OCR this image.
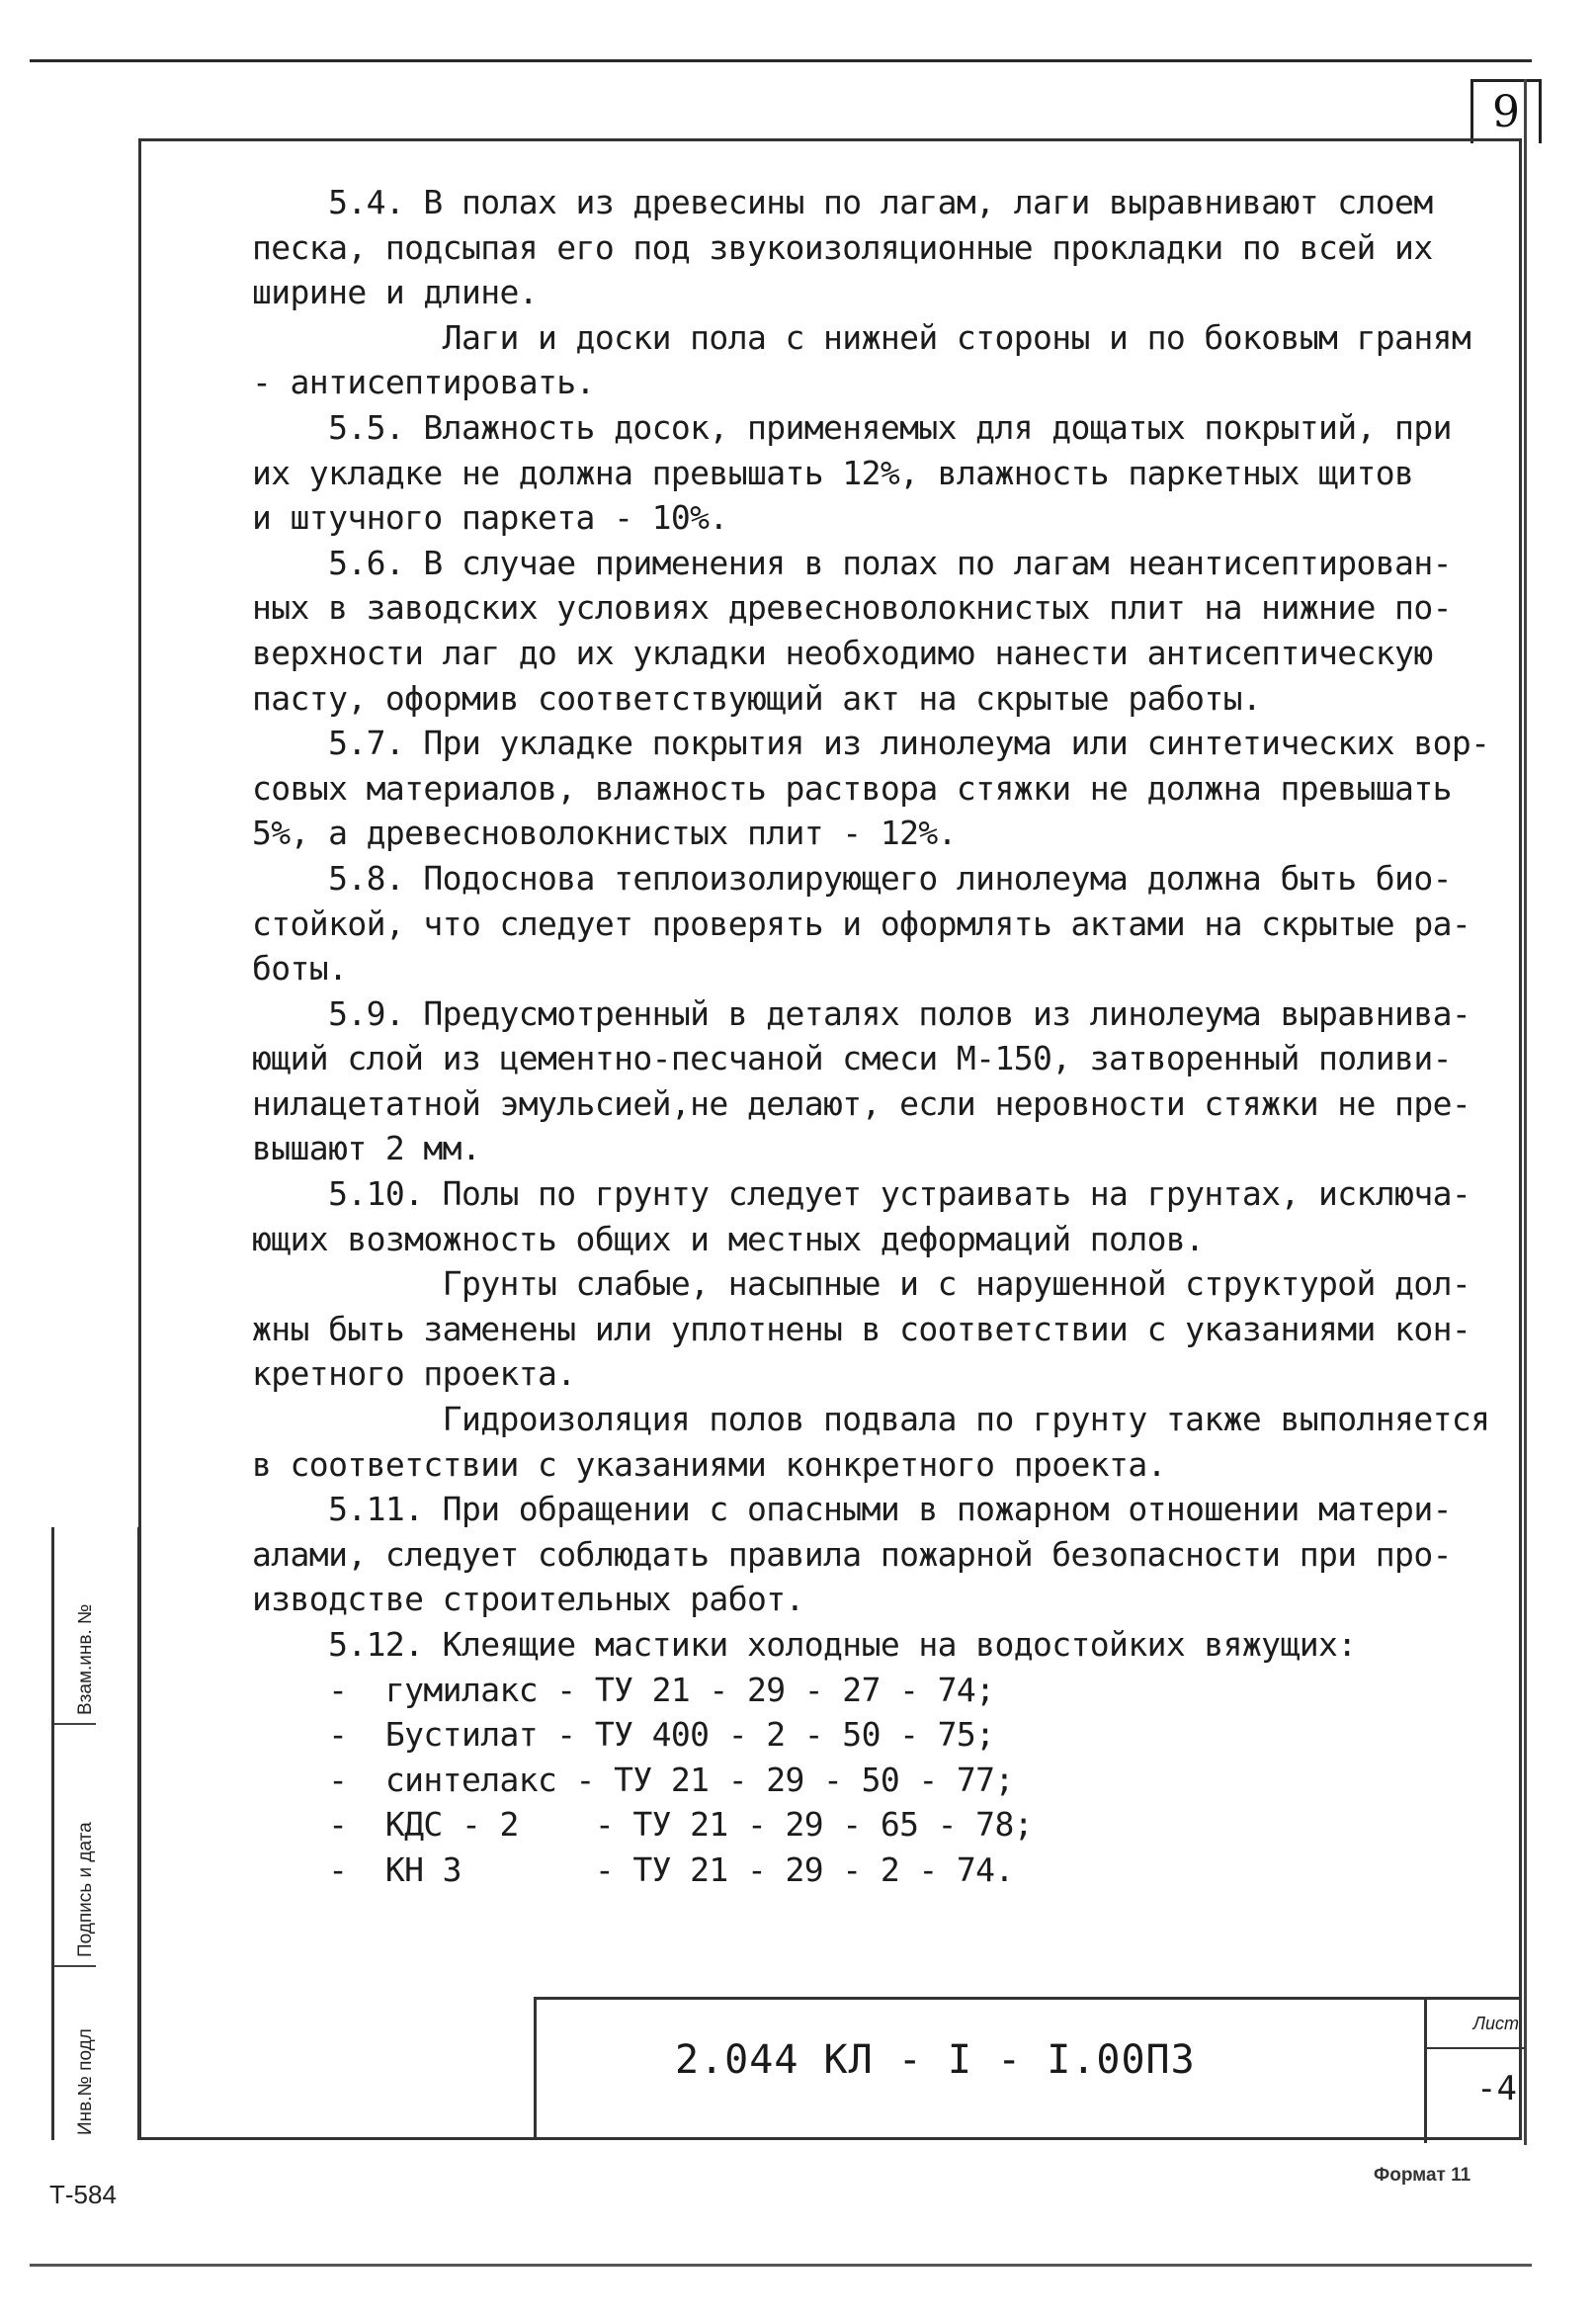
9

5.4. В полах из древесины по лагам, лаги выравнивают слоем

песка, подсыпая его под звукоизоляционные прокладки по всей их

ширине и длине.

Лаги и доски пола с нижней стороны и по боковым граням

- антисептировать.

5.5. Влажность досок, применяемых для дощатых покрытий, при

их укладке не должна превышать 12%, влажность паркетных щитов

и штучного паркета - 10%.

5.6. В случае применения в полах по лагам неантисептирован-

ных в заводских условиях древесноволокнистых плит на нижние по-

верхности лаг до их укладки необходимо нанести антисептическую

пасту, оформив соответствующий акт на скрытые работы.

5.7. При укладке покрытия из линолеума или синтетических вор-

совых материалов, влажность раствора стяжки не должна превышать

5%, а древесноволокнистых плит - 12%.

5.8. Подоснова теплоизолирующего линолеума должна быть био-

стойкой, что следует проверять и оформлять актами на скрытые ра-

боты.

5.9. Предусмотренный в деталях полов из линолеума выравнива-

ющий слой из цементно-песчаной смеси М-150, затворенный поливи-

нилацетатной эмульсией,не делают, если неровности стяжки не пре-

вышают 2 мм.

5.10. Полы по грунту следует устраивать на грунтах, исключа-

ющих возможность общих и местных деформаций полов.

Грунты слабые, насыпные и с нарушенной структурой дол-

жны быть заменены или уплотнены в соответствии с указаниями кон-

кретного проекта.

Гидроизоляция полов подвала по грунту также выполняется

в соответствии с указаниями конкретного проекта.

5.11. При обращении с опасными в пожарном отношении матери-

алами, следует соблюдать правила пожарной безопасности при про-

изводстве строительных работ.

5.12. Клеящие мастики холодные на водостойких вяжущих:

-  гумилакс - ТУ 21 - 29 - 27 - 74;

-  Бустилат - ТУ 400 - 2 - 50 - 75;

-  синтелакс - ТУ 21 - 29 - 50 - 77;

-  КДС - 2    - ТУ 21 - 29 - 65 - 78;

-  КН 3       - ТУ 21 - 29 - 2 - 74.

Взам.инв. №
Подпись и дата
Инв.№ подл	2.044 КЛ - I - I.00ПЗ
Лист
-4
Формат 11
Т-584
